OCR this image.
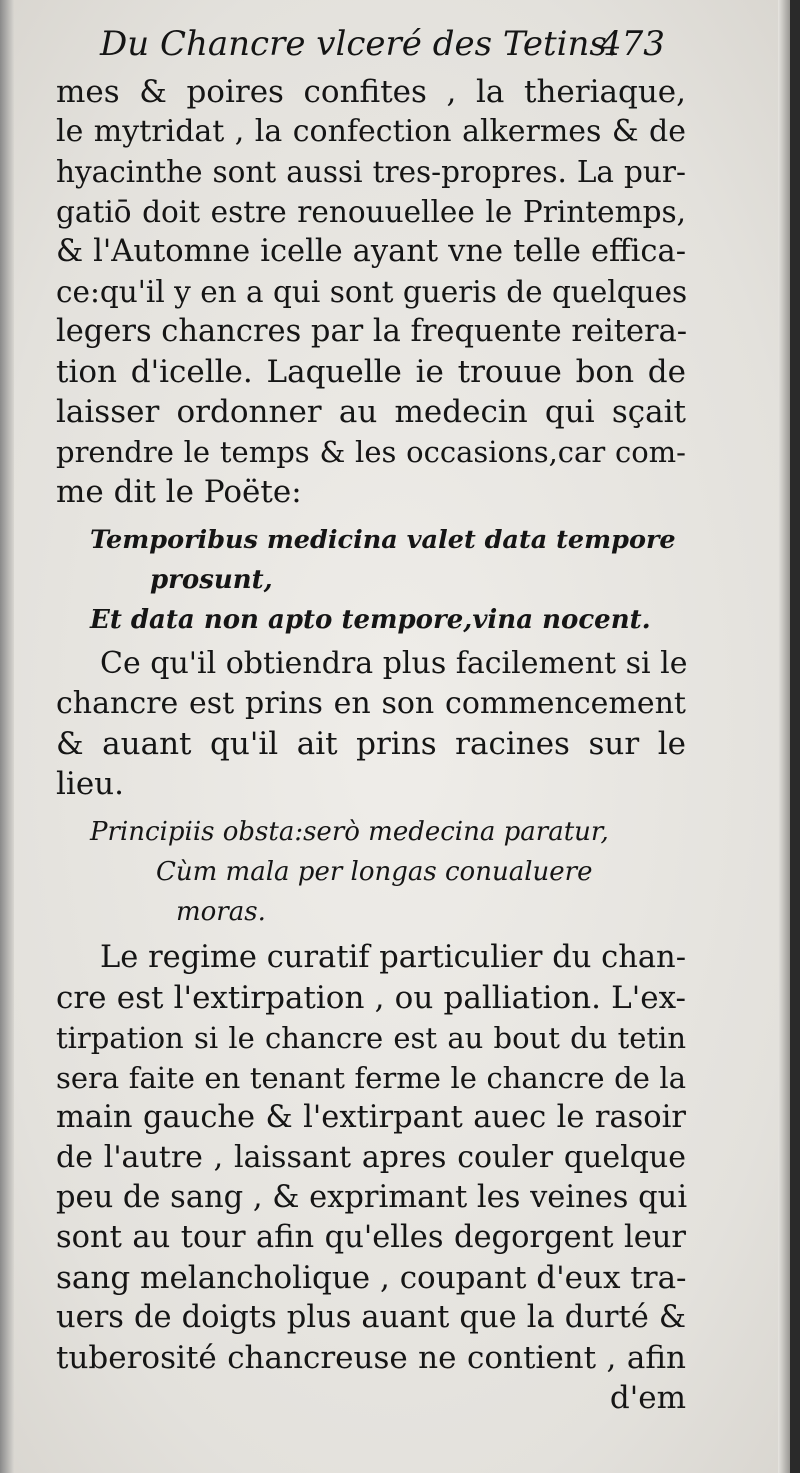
Du Chancre vlceré des Tetins.
473
mes & poires confites , la theriaque,
le mytridat , la confection alkermes & de
hyacinthe sont aussi tres-propres. La pur-
gatiō doit estre renouuellee le Printemps,
& l'Automne icelle ayant vne telle effica-
ce:qu'il y en a qui sont gueris de quelques
legers chancres par la frequente reitera-
tion d'icelle. Laquelle ie trouue bon de
laisser ordonner au medecin qui sçait
prendre le temps & les occasions,car com-
me dit le Poëte:
Temporibus medicina valet data tempore
prosunt,
Et data non apto tempore,vina nocent.
Ce qu'il obtiendra plus facilement si le
chancre est prins en son commencement
& auant qu'il ait prins racines sur le
lieu.
Principiis obsta:serò medecina paratur,
Cùm mala per longas conualuere
moras.
Le regime curatif particulier du chan-
cre est l'extirpation , ou palliation. L'ex-
tirpation si le chancre est au bout du tetin
sera faite en tenant ferme le chancre de la
main gauche & l'extirpant auec le rasoir
de l'autre , laissant apres couler quelque
peu de sang , & exprimant les veines qui
sont au tour afin qu'elles degorgent leur
sang melancholique , coupant d'eux tra-
uers de doigts plus auant que la durté &
tuberosité chancreuse ne contient , afin
d'em
